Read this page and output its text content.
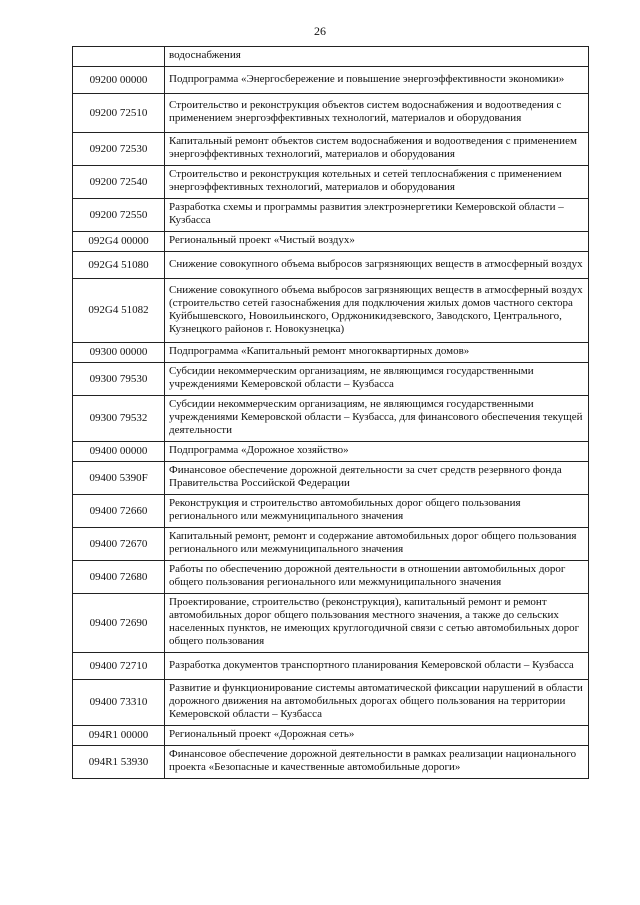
26
	водоснабжения
09200 00000	Подпрограмма «Энергосбережение и повышение энергоэффективности экономики»
09200 72510	Строительство и реконструкция объектов систем водоснабжения и водоотведения с применением энергоэффективных технологий, материалов и оборудования
09200 72530	Капитальный ремонт объектов систем водоснабжения и водоотведения с применением энергоэффективных технологий, материалов и оборудования
09200 72540	Строительство и реконструкция котельных и сетей теплоснабжения с применением энергоэффективных технологий, материалов и оборудования
09200 72550	Разработка схемы и программы развития электроэнергетики Кемеровской области – Кузбасса
092G4 00000	Региональный проект «Чистый воздух»
092G4 51080	Снижение совокупного объема выбросов загрязняющих веществ в атмосферный воздух
092G4 51082	Снижение совокупного объема выбросов загрязняющих веществ в атмосферный воздух (строительство сетей газоснабжения для подключения жилых домов частного сектора Куйбышевского, Новоильинского, Орджоникидзевского, Заводского, Центрального, Кузнецкого районов г. Новокузнецка)
09300 00000	Подпрограмма «Капитальный ремонт многоквартирных домов»
09300 79530	Субсидии некоммерческим организациям, не являющимся государственными учреждениями Кемеровской области – Кузбасса
09300 79532	Субсидии некоммерческим организациям, не являющимся государственными учреждениями Кемеровской области – Кузбасса, для финансового обеспечения текущей деятельности
09400 00000	Подпрограмма «Дорожное хозяйство»
09400 5390F	Финансовое обеспечение дорожной деятельности за счет средств резервного фонда Правительства Российской Федерации
09400 72660	Реконструкция и строительство автомобильных дорог общего пользования регионального или межмуниципального значения
09400 72670	Капитальный ремонт, ремонт и содержание автомобильных дорог общего пользования регионального или межмуниципального значения
09400 72680	Работы по обеспечению дорожной деятельности в отношении автомобильных дорог общего пользования регионального или межмуниципального значения
09400 72690	Проектирование, строительство (реконструкция), капитальный ремонт и ремонт автомобильных дорог общего пользования местного значения, а также до сельских населенных пунктов, не имеющих круглогодичной связи с сетью автомобильных дорог общего пользования
09400 72710	Разработка документов транспортного планирования Кемеровской области – Кузбасса
09400 73310	Развитие и функционирование системы автоматической фиксации нарушений в области дорожного движения на автомобильных дорогах общего пользования на территории Кемеровской области – Кузбасса
094R1 00000	Региональный проект «Дорожная сеть»
094R1 53930	Финансовое обеспечение дорожной деятельности в рамках реализации национального проекта «Безопасные и качественные автомобильные дороги»
